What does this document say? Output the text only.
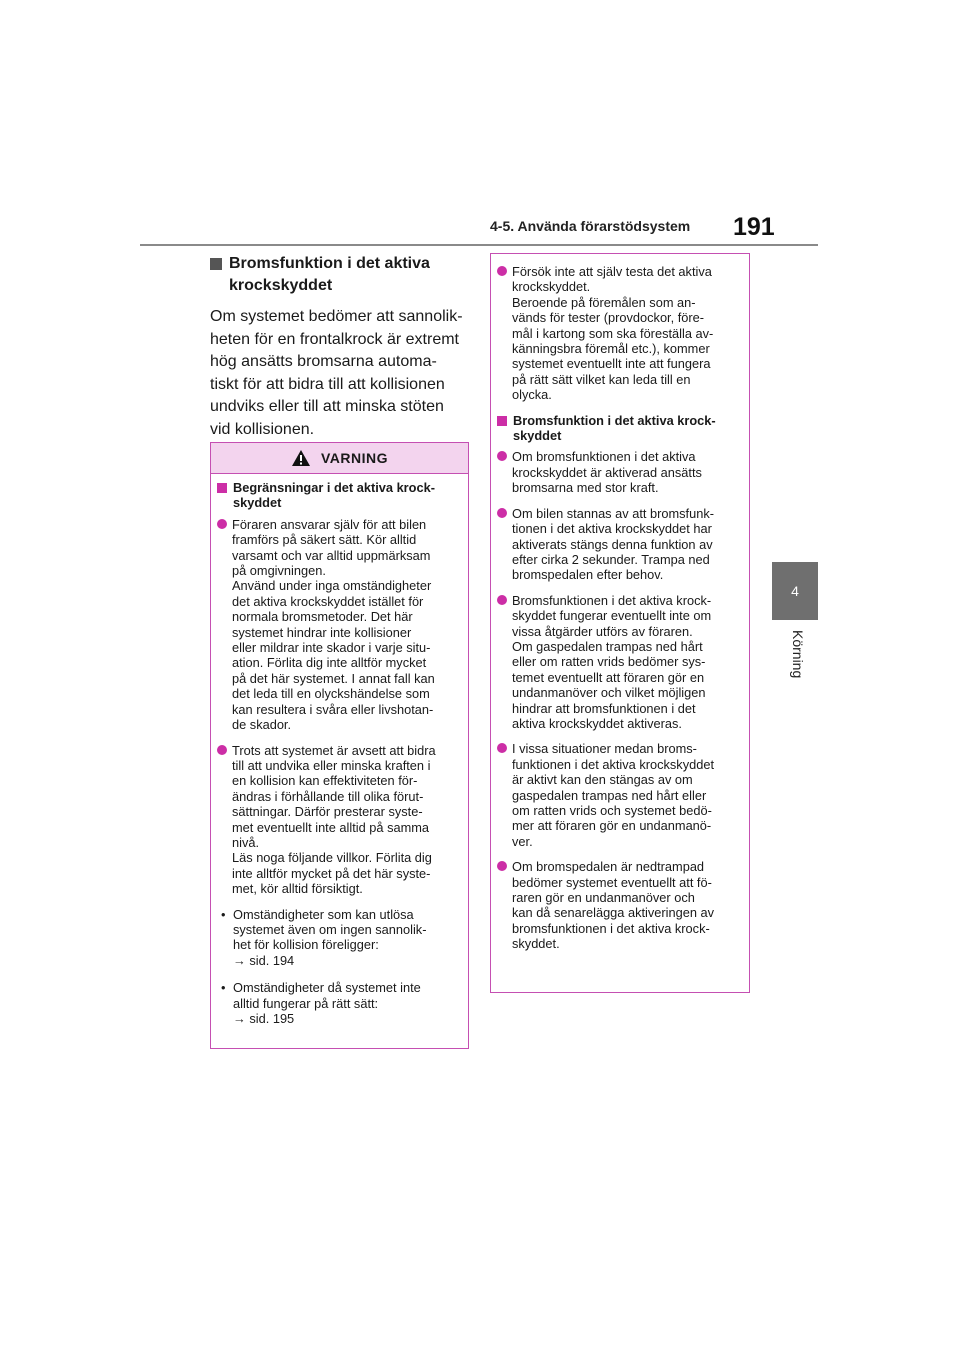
4-5. Använda förarstödsystem 191
4
Körning
Bromsfunktion i det aktiva
krockskyddet

Om systemet bedömer att sannolik-
heten för en frontalkrock är extremt
hög ansätts bromsarna automa-
tiskt för att bidra till att kollisionen
undviks eller till att minska stöten
vid kollisionen.

VARNING
Begränsningar i det aktiva krock-
skyddet
Föraren ansvarar själv för att bilen
framförs på säkert sätt. Kör alltid
varsamt och var alltid uppmärksam
på omgivningen.
Använd under inga omständigheter
det aktiva krockskyddet istället för
normala bromsmetoder. Det här
systemet hindrar inte kollisioner
eller mildrar inte skador i varje situ-
ation. Förlita dig inte alltför mycket
på det här systemet. I annat fall kan
det leda till en olyckshändelse som
kan resultera i svåra eller livshotan-
de skador.
Trots att systemet är avsett att bidra
till att undvika eller minska kraften i
en kollision kan effektiviteten för-
ändras i förhållande till olika förut-
sättningar. Därför presterar syste-
met eventuellt inte alltid på samma
nivå.
Läs noga följande villkor. Förlita dig
inte alltför mycket på det här syste-
met, kör alltid försiktigt.
• Omständigheter som kan utlösa
systemet även om ingen sannolik-
het för kollision föreligger:
→ sid. 194
• Omständigheter då systemet inte
alltid fungerar på rätt sätt:
→ sid. 195
Försök inte att själv testa det aktiva
krockskyddet.
Beroende på föremålen som an-
vänds för tester (provdockor, före-
mål i kartong som ska föreställa av-
känningsbra föremål etc.), kommer
systemet eventuellt inte att fungera
på rätt sätt vilket kan leda till en
olycka.
Bromsfunktion i det aktiva krock-
skyddet
Om bromsfunktionen i det aktiva
krockskyddet är aktiverad ansätts
bromsarna med stor kraft.
Om bilen stannas av att bromsfunk-
tionen i det aktiva krockskyddet har
aktiverats stängs denna funktion av
efter cirka 2 sekunder. Trampa ned
bromspedalen efter behov.
Bromsfunktionen i det aktiva krock-
skyddet fungerar eventuellt inte om
vissa åtgärder utförs av föraren.
Om gaspedalen trampas ned hårt
eller om ratten vrids bedömer sys-
temet eventuellt att föraren gör en
undanmanöver och vilket möjligen
hindrar att bromsfunktionen i det
aktiva krockskyddet aktiveras.
I vissa situationer medan broms-
funktionen i det aktiva krockskyddet
är aktivt kan den stängas av om
gaspedalen trampas ned hårt eller
om ratten vrids och systemet bedö-
mer att föraren gör en undanmanö-
ver.
Om bromspedalen är nedtrampad
bedömer systemet eventuellt att fö-
raren gör en undanmanöver och
kan då senarelägga aktiveringen av
bromsfunktionen i det aktiva krock-
skyddet.
